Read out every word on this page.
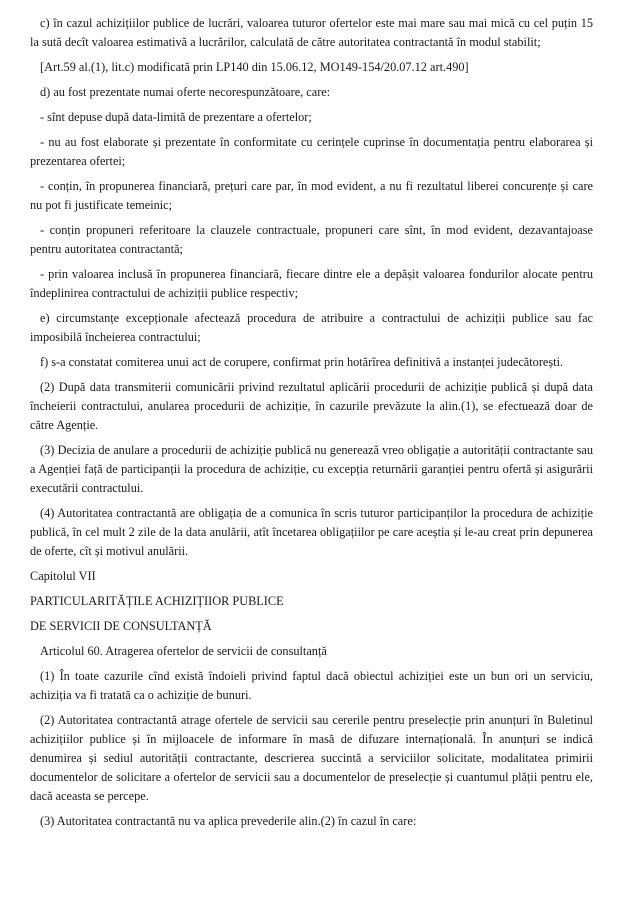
c) în cazul achizițiilor publice de lucrări, valoarea tuturor ofertelor este mai mare sau mai mică cu cel puțin 15 la sută decît valoarea estimativă a lucrărilor, calculată de către autoritatea contractantă în modul stabilit;

[Art.59 al.(1), lit.c) modificată prin LP140 din 15.06.12, MO149-154/20.07.12 art.490]

d) au fost prezentate numai oferte necorespunzătoare, care:

- sînt depuse după data-limită de prezentare a ofertelor;

- nu au fost elaborate și prezentate în conformitate cu cerințele cuprinse în documentația pentru elaborarea și prezentarea ofertei;

- conțin, în propunerea financiară, prețuri care par, în mod evident, a nu fi rezultatul liberei concurențe și care nu pot fi justificate temeinic;

- conțin propuneri referitoare la clauzele contractuale, propuneri care sînt, în mod evident, dezavantajoase pentru autoritatea contractantă;

- prin valoarea inclusă în propunerea financiară, fiecare dintre ele a depășit valoarea fondurilor alocate pentru îndeplinirea contractului de achiziții publice respectiv;

e) circumstanțe excepționale afectează procedura de atribuire a contractului de achiziții publice sau fac imposibilă încheierea contractului;

f) s-a constatat comiterea unui act de corupere, confirmat prin hotărîrea definitivă a instanței judecătorești.

(2) După data transmiterii comunicării privind rezultatul aplicării procedurii de achiziție publică și după data încheierii contractului, anularea procedurii de achiziție, în cazurile prevăzute la alin.(1), se efectuează doar de către Agenție.

(3) Decizia de anulare a procedurii de achiziție publică nu generează vreo obligație a autorității contractante sau a Agenției față de participanții la procedura de achiziție, cu excepția returnării garanției pentru ofertă și asigurării executării contractului.

(4) Autoritatea contractantă are obligația de a comunica în scris tuturor participanților la procedura de achiziție publică, în cel mult 2 zile de la data anulării, atît încetarea obligațiilor pe care aceștia și le-au creat prin depunerea de oferte, cît și motivul anulării.

Capitolul VII

PARTICULARITĂȚILE ACHIZIȚIIOR PUBLICE

DE SERVICII DE CONSULTANȚĂ

Articolul 60. Atragerea ofertelor de servicii de consultanță

(1) În toate cazurile cînd există îndoieli privind faptul dacă obiectul achiziției este un bun ori un serviciu, achiziția va fi tratată ca o achiziție de bunuri.

(2) Autoritatea contractantă atrage ofertele de servicii sau cererile pentru preselecție prin anunțuri în Buletinul achizițiilor publice și în mijloacele de informare în masă de difuzare internațională. În anunțuri se indică denumirea și sediul autorității contractante, descrierea succintă a serviciilor solicitate, modalitatea primirii documentelor de solicitare a ofertelor de servicii sau a documentelor de preselecție și cuantumul plății pentru ele, dacă aceasta se percepe.

(3) Autoritatea contractantă nu va aplica prevederile alin.(2) în cazul în care:
